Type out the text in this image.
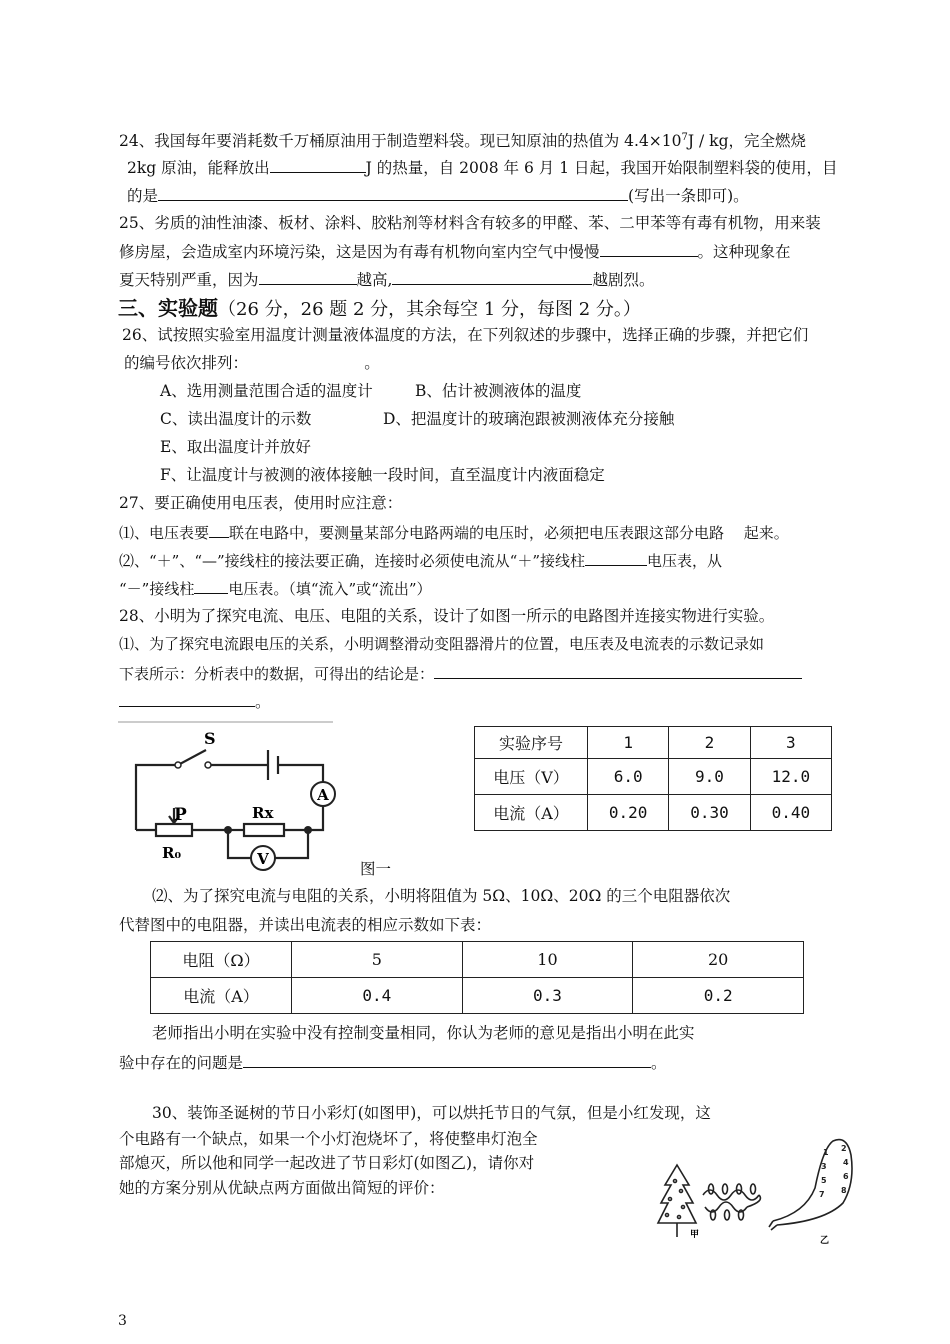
24、我国每年要消耗数千万桶原油用于制造塑料袋。现已知原油的热值为 $4.4\times 10^7J$ / kg，完全燃烧
2kg 原油，能释放出	J 的热量，自 2008 年 6 月 1 日起，我国开始限制塑料袋的使用，目
的是	(写出一条即可)。
25、劣质的油性油漆、板材、涂料、胶粘剂等材料含有较多的甲醛、苯、二甲苯等有毒有机物，用来装
修房屋，会造成室内环境污染，这是因为有毒有机物向室内空气中慢慢	。这种现象在
夏天特别严重，因为	越高,	越剧烈。
三、实验题（26 分，26 题 2 分，其余每空 1 分，每图 2 分。）
26、试按照实验室用温度计测量液体温度的方法，在下列叙述的步骤中，选择正确的步骤，并把它们
的编号依次排列：　　　　　　　　。
A、选用测量范围合适的温度计	B、估计被测液体的温度
C、读出温度计的示数	D、把温度计的玻璃泡跟被测液体充分接触
E、取出温度计并放好
F、让温度计与被测的液体接触一段时间，直至温度计内液面稳定
27、要正确使用电压表，使用时应注意：
⑴、电压表要 联在电路中，要测量某部分电路两端的电压时，必须把电压表跟这部分电路　 起来。
⑵、“＋”、“—”接线柱的接法要正确，连接时必须使电流从“＋”接线柱	电压表，从
“－”接线柱 电压表。（填“流入”或“流出”）
28、小明为了探究电流、电压、电阻的关系，设计了如图一所示的电路图并连接实物进行实验。
⑴、为了探究电流跟电压的关系，小明调整滑动变阻器滑片的位置，电压表及电流表的示数记录如
下表所示：分析表中的数据，可得出的结论是：
。
S
P	Rx
R₀
A
V
图一
实验序号	1	2	3
电压（V）	6.0	9.0	12.0
电流（A）	0.20	0.30	0.40
⑵、为了探究电流与电阻的关系，小明将阻值为 5Ω、10Ω、20Ω 的三个电阻器依次
代替图中的电阻器，并读出电流表的相应示数如下表：
电阻（Ω）	5	10	20
电流（A）	0.4	0.3	0.2
老师指出小明在实验中没有控制变量相同，你认为老师的意见是指出小明在此实
验中存在的问题是	。
30、装饰圣诞树的节日小彩灯(如图甲)，可以烘托节日的气氛，但是小红发现，这
个电路有一个缺点，如果一个小灯泡烧坏了，将使整串灯泡全
部熄灭，所以他和同学一起改进了节日彩灯(如图乙)，请你对
她的方案分别从优缺点两方面做出简短的评价：
1 2
3 4
5 6
7 8
甲
乙
3
